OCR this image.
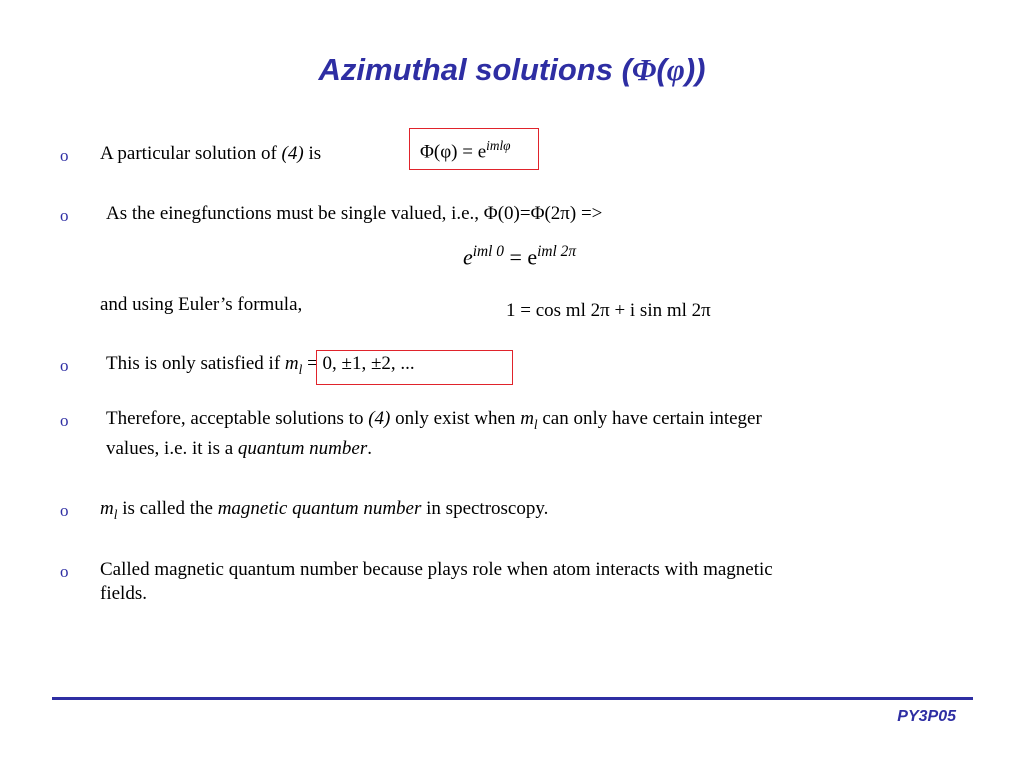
Azimuthal solutions (Φ(φ))
o A particular solution of (4) is	$\Phi(\varphi) = e^{iml\varphi}$
o As the einegfunctions must be single valued, i.e., Φ(0)=Φ(2π) =>
$e^{iml 0} = e^{iml 2\pi}$
and using Euler’s formula,	1 = cos ml 2π + i sin ml 2π
o This is only satisfied if $m_l = 0$, ±1, ±2, ...
o Therefore, acceptable solutions to (4) only exist when $m_l$ can only have certain integer
values, i.e. it is a quantum number.
o $m_l$ is called the magnetic quantum number in spectroscopy.
o Called magnetic quantum number because plays role when atom interacts with magnetic
fields.
PY3P05
